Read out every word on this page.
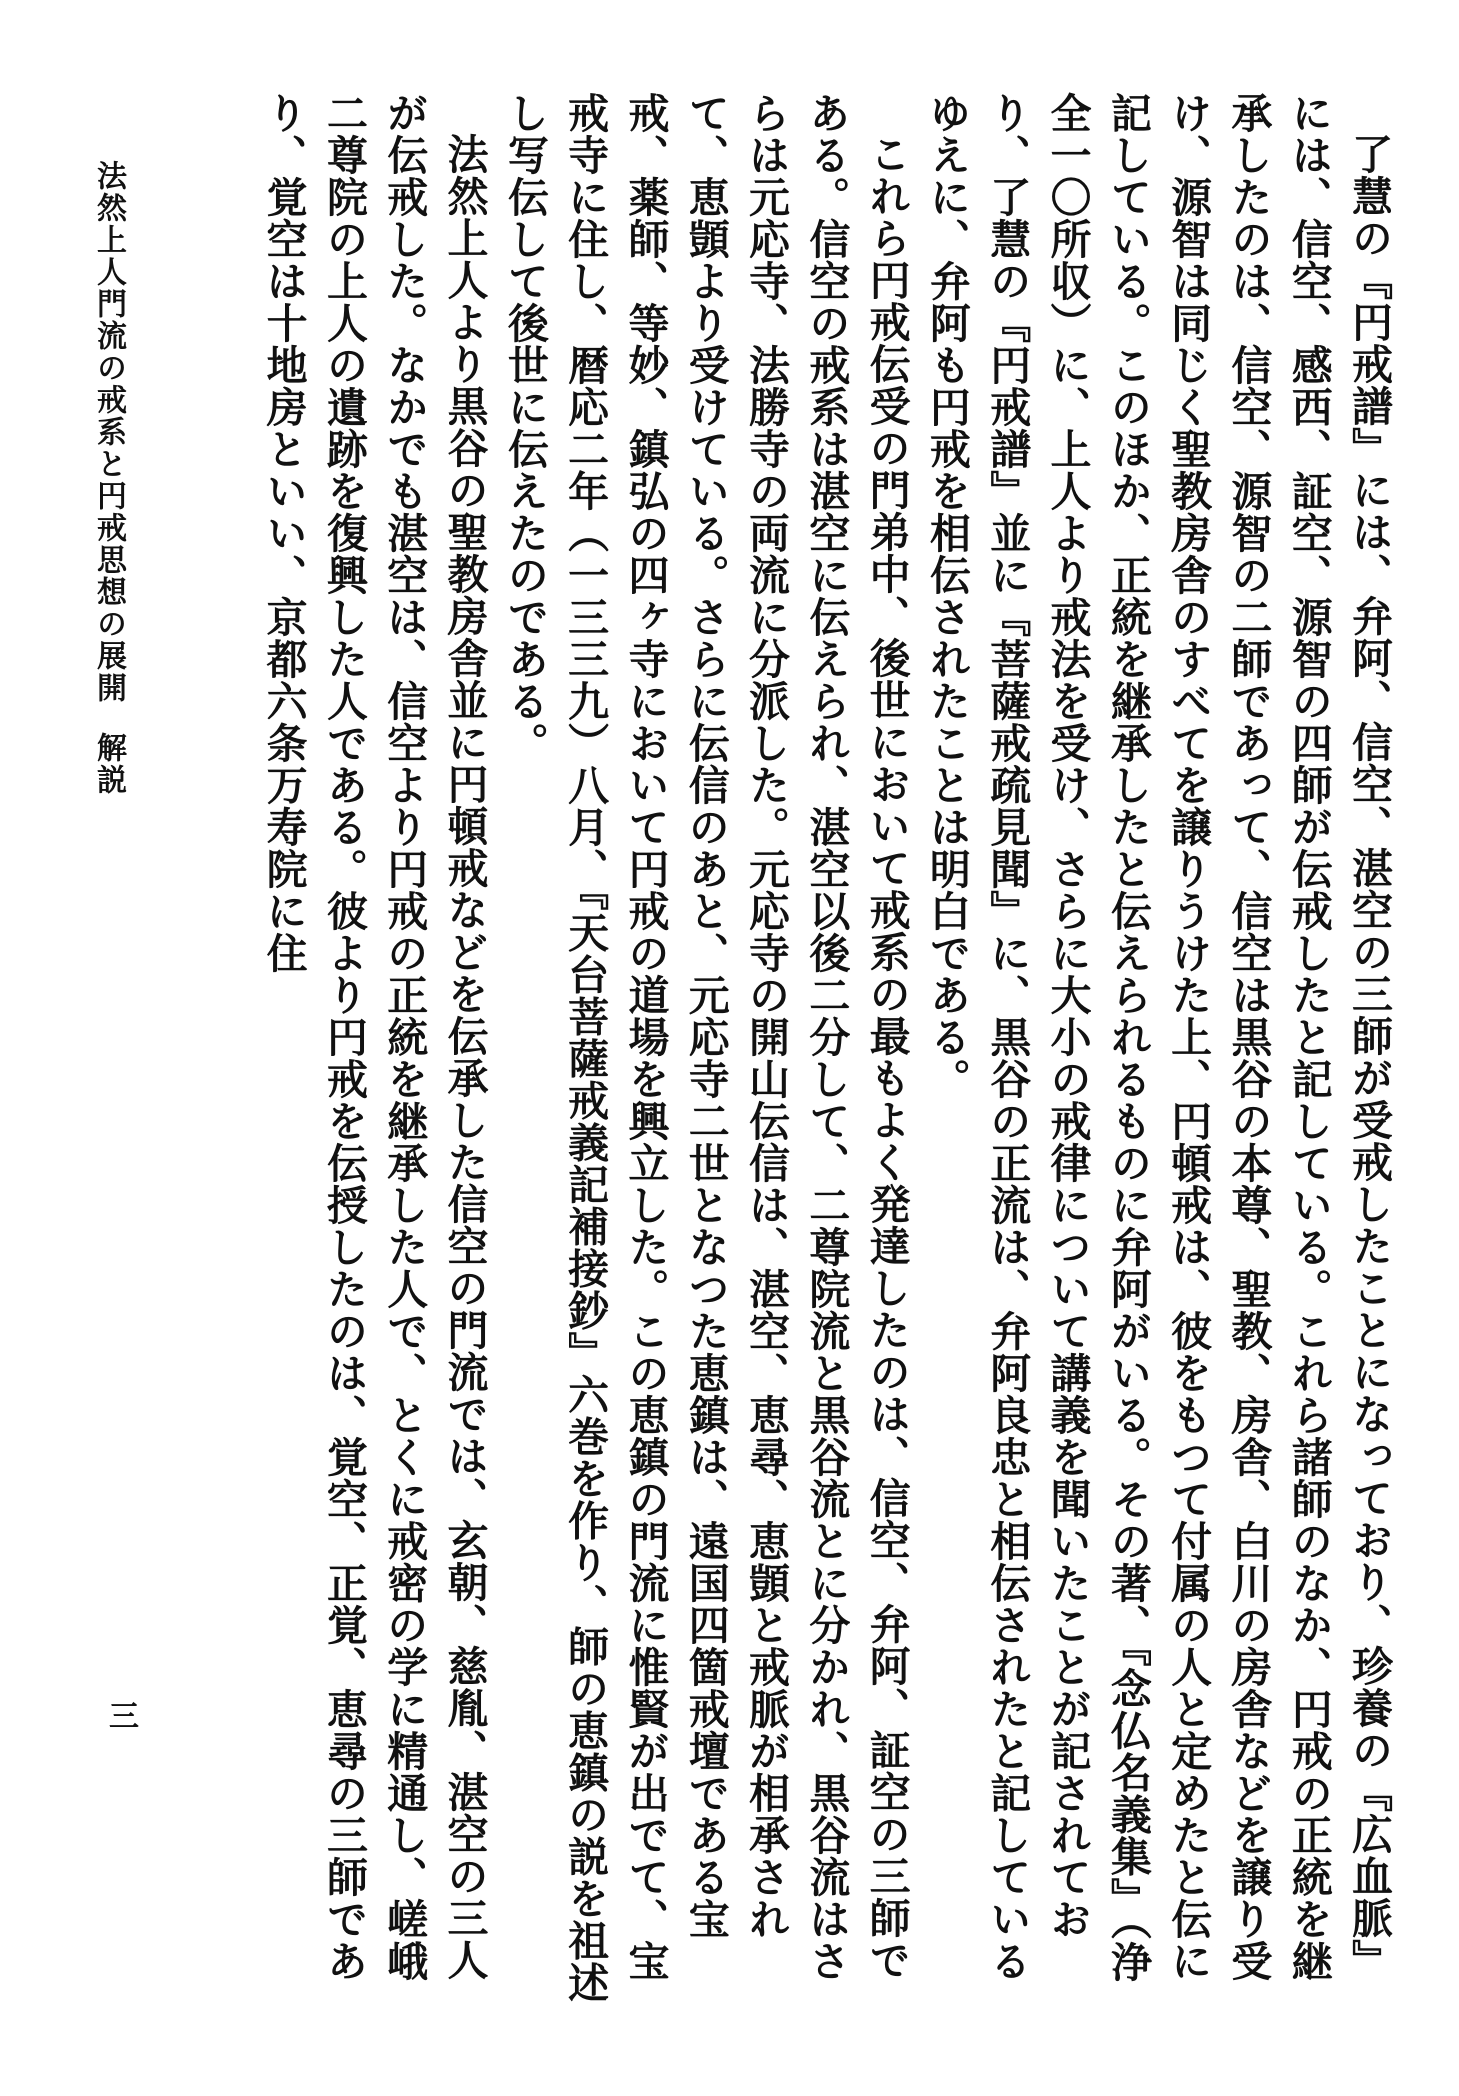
了慧の『円戒譜』には、弁阿、信空、湛空の三師が受戒したことになっており、珍養の『広血脈』には、信空、感西、証空、源智の四師が伝戒したと記している。これら諸師のなか、円戒の正統を継承したのは、信空、源智の二師であって、信空は黒谷の本尊、聖教、房舎、白川の房舎などを譲り受け、源智は同じく聖教房舎のすべてを譲りうけた上、円頓戒は、彼をもつて付属の人と定めたと伝に記している。このほか、正統を継承したと伝えられるものに弁阿がいる。その著、『念仏名義集』（浄全一〇所収）に、上人より戒法を受け、さらに大小の戒律について講義を聞いたことが記されており、了慧の『円戒譜』並に『菩薩戒疏見聞』に、黒谷の正流は、弁阿良忠と相伝されたと記しているゆえに、弁阿も円戒を相伝されたことは明白である。

これら円戒伝受の門弟中、後世において戒系の最もよく発達したのは、信空、弁阿、証空の三師である。信空の戒系は湛空に伝えられ、湛空以後二分して、二尊院流と黒谷流とに分かれ、黒谷流はさらは元応寺、法勝寺の両流に分派した。元応寺の開山伝信は、湛空、恵尋、恵顗と戒脈が相承されて、恵顗より受けている。さらに伝信のあと、元応寺二世となつた恵鎮は、遠国四箇戒壇である宝戒、薬師、等妙、鎮弘の四ヶ寺において円戒の道場を興立した。この恵鎮の門流に惟賢が出でて、宝戒寺に住し、暦応二年（一三三九）八月、『天台菩薩戒義記補接鈔』六巻を作り、師の恵鎮の説を祖述し写伝して後世に伝えたのである。

法然上人より黒谷の聖教房舎並に円頓戒などを伝承した信空の門流では、玄朝、慈胤、湛空の三人が伝戒した。なかでも湛空は、信空より円戒の正統を継承した人で、とくに戒密の学に精通し、嵯峨二尊院の上人の遺跡を復興した人である。彼より円戒を伝授したのは、覚空、正覚、恵尋の三師であり、覚空は十地房といい、京都六条万寿院に住

法然上人門流の戒系と円戒思想の展開解説
三
